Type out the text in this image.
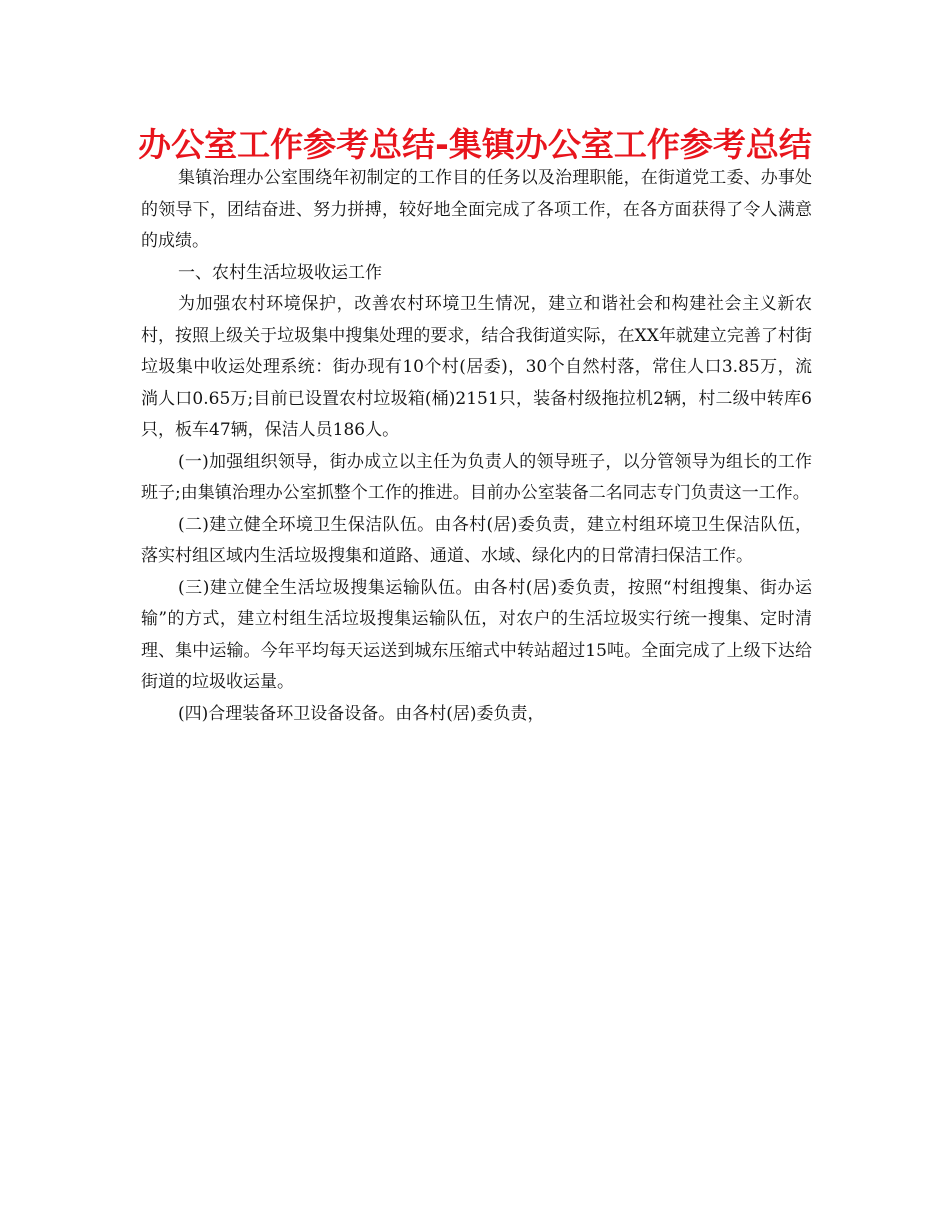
办公室工作参考总结-集镇办公室工作参考总结

集镇治理办公室围绕年初制定的工作目的任务以及治理职能，在街道党工委、办事处的领导下，团结奋进、努力拼搏，较好地全面完成了各项工作，在各方面获得了令人满意的成绩。

一、农村生活垃圾收运工作

为加强农村环境保护，改善农村环境卫生情况，建立和谐社会和构建社会主义新农村，按照上级关于垃圾集中搜集处理的要求，结合我街道实际，在XX年就建立完善了村街垃圾集中收运处理系统：街办现有10个村(居委)，30个自然村落，常住人口3.85万，流淌人口0.65万;目前已设置农村垃圾箱(桶)2151只，装备村级拖拉机2辆，村二级中转库6只，板车47辆，保洁人员186人。

(一)加强组织领导，街办成立以主任为负责人的领导班子，以分管领导为组长的工作班子;由集镇治理办公室抓整个工作的推进。目前办公室装备二名同志专门负责这一工作。

(二)建立健全环境卫生保洁队伍。由各村(居)委负责，建立村组环境卫生保洁队伍，落实村组区域内生活垃圾搜集和道路、通道、水域、绿化内的日常清扫保洁工作。

(三)建立健全生活垃圾搜集运输队伍。由各村(居)委负责，按照“村组搜集、街办运输”的方式，建立村组生活垃圾搜集运输队伍，对农户的生活垃圾实行统一搜集、定时清理、集中运输。今年平均每天运送到城东压缩式中转站超过15吨。全面完成了上级下达给街道的垃圾收运量。

(四)合理装备环卫设备设备。由各村(居)委负责，
